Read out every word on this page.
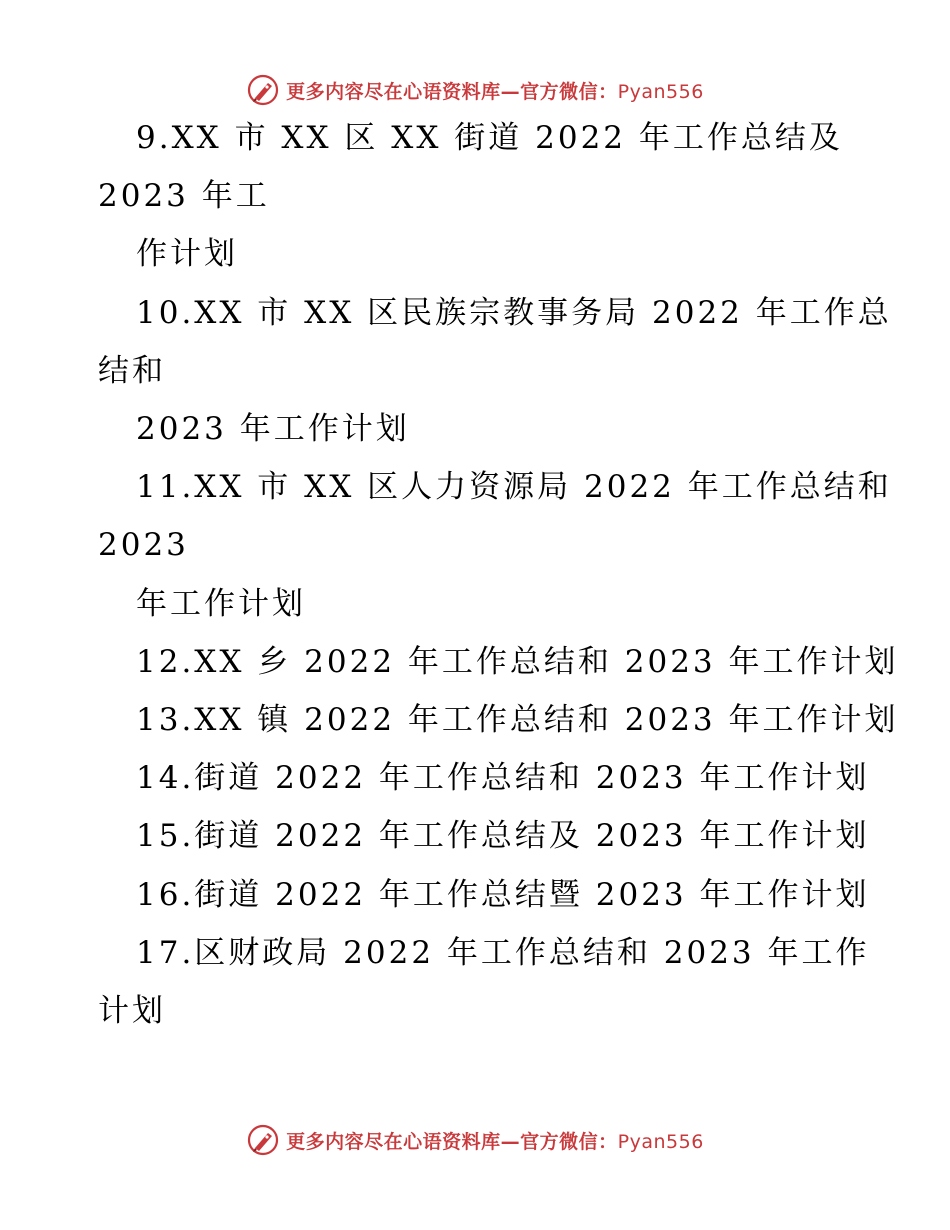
更多内容尽在心语资料库—官方微信：Pyan556
9.XX 市 XX 区 XX 街道 2022 年工作总结及
2023 年工
作计划
10.XX 市 XX 区民族宗教事务局 2022 年工作总
结和
2023 年工作计划
11.XX 市 XX 区人力资源局 2022 年工作总结和
2023
年工作计划
12.XX 乡 2022 年工作总结和 2023 年工作计划
13.XX 镇 2022 年工作总结和 2023 年工作计划
14.街道 2022 年工作总结和 2023 年工作计划
15.街道 2022 年工作总结及 2023 年工作计划
16.街道 2022 年工作总结暨 2023 年工作计划
17.区财政局 2022 年工作总结和 2023 年工作
计划
更多内容尽在心语资料库—官方微信：Pyan556
